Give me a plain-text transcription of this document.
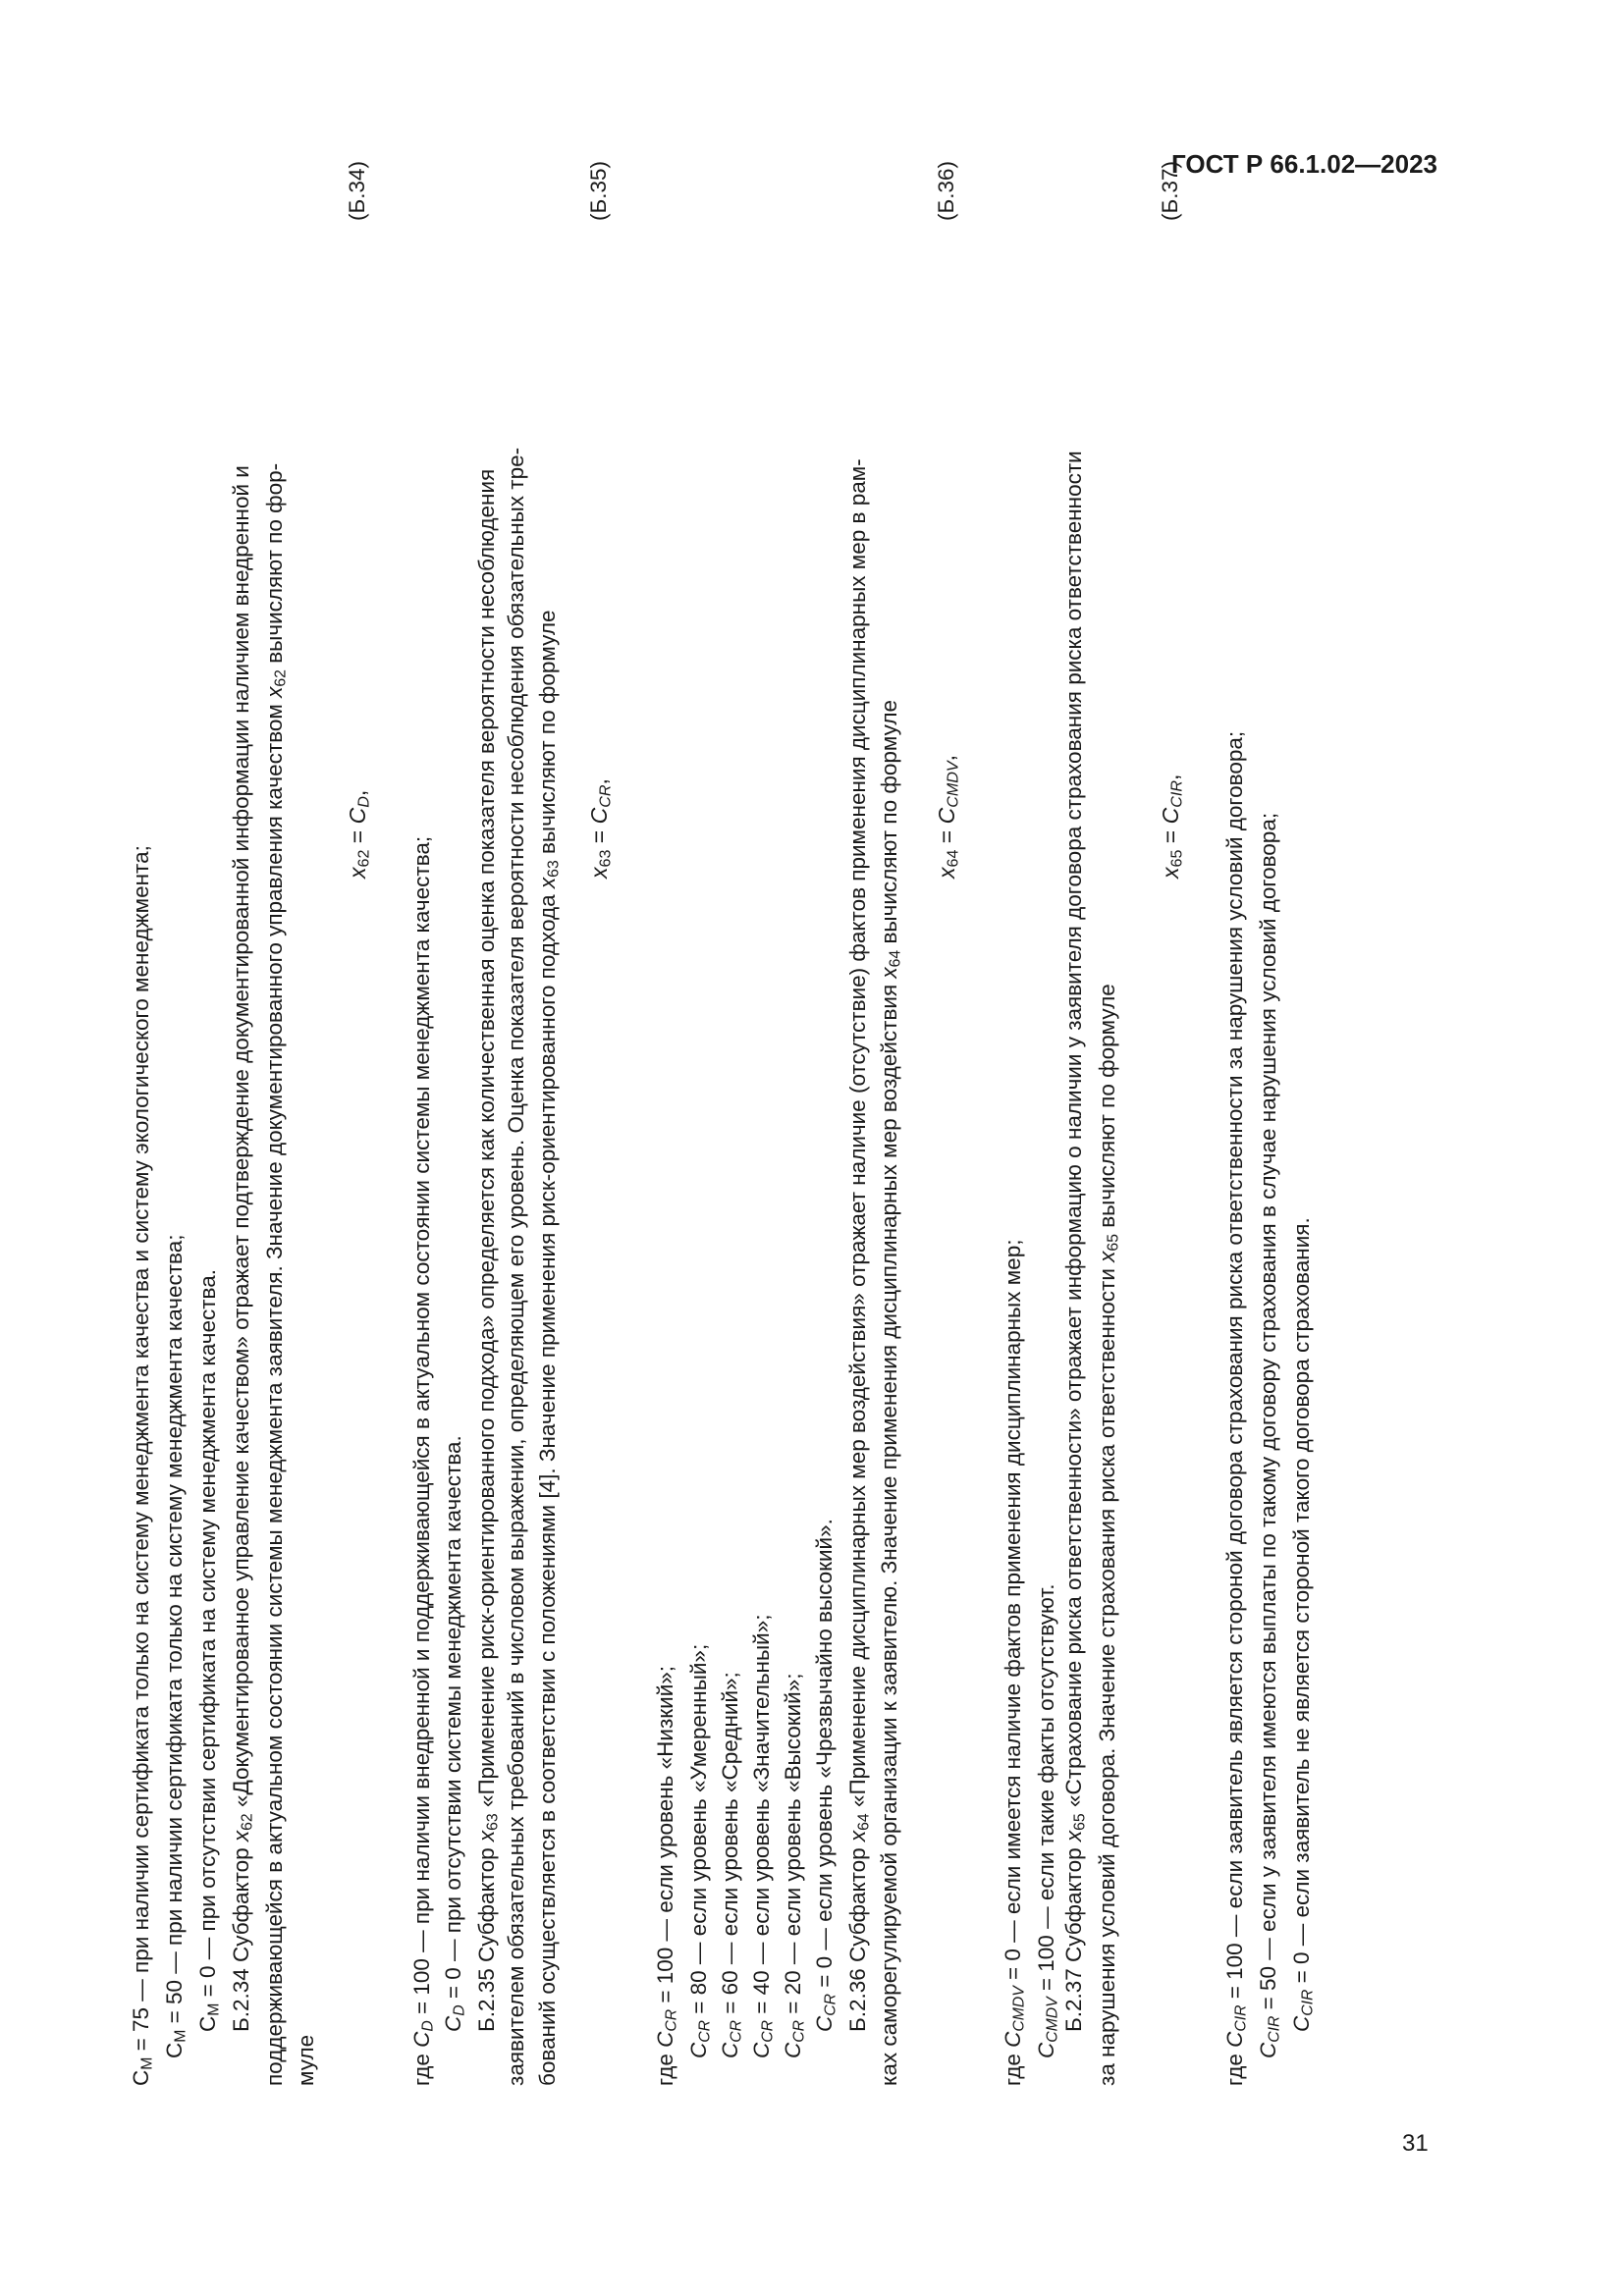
ГОСТ Р 66.1.02—2023
$C_M = 75$ — при наличии сертификата только на систему менеджмента качества и систему экологического менеджмента; $C_M = 50$ — при наличии сертификата только на систему менеджмента качества;
$C_M = 0$ — при отсутствии сертификата на систему менеджмента качества. Б.2.34 Субфактор $x_{62}$ «Документированное управление качеством» отражает подтверждение документированной информации наличием внедренной и поддерживающейся в актуальном состоянии системы менеджмента заявителя. Значение документированного управления качеством $x_{62}$ вычисляют по фор-
муле
$x_{62} = C_D$,
(Б.34)
где $C_D = 100$ — при наличии внедренной и поддерживающейся в актуальном состоянии системы менеджмента качества;
$C_D = 0$ — при отсутствии системы менеджмента качества. Б.2.35 Субфактор $x_{63}$ «Применение риск-ориентированного подхода» определяется как количественная оценка показателя вероятности несоблюдения заявителем обязательных требований в числовом выражении, определяющем его уровень. Оценка показателя вероятности несоблюдения обязательных тре- бований осуществляется в соответствии с положениями [4]. Значение применения риск-ориентированного подхода $x_{63}$ вычисляют по формуле
$x_{63} = C_{CR}$,
(Б.35)
где $C_{CR} = 100$ — если уровень «Низкий»;
$C_{CR} = 80$ — если уровень «Умеренный»;
$C_{CR} = 60$ — если уровень «Средний»;
$C_{CR} = 40$ — если уровень «Значительный»;
$C_{CR} = 20$ — если уровень «Высокий»;
$C_{CR} = 0$ — если уровень «Чрезвычайно высокий». Б.2.36 Субфактор $x_{64}$ «Применение дисциплинарных мер воздействия» отражает наличие (отсутствие) фактов применения дисциплинарных мер в рам- ках саморегулируемой организации к заявителю. Значение применения дисциплинарных мер воздействия $x_{64}$ вычисляют по формуле $x_{64} = C_{CMDV}$,
(Б.36)
где $C_{CMDV} = 0$ — если имеется наличие фактов применения дисциплинарных мер;
$C_{CMDV} = 100$ — если такие факты отсутствуют. Б.2.37 Субфактор $x_{65}$ «Страхование риска ответственности» отражает информацию о наличии у заявителя договора страхования риска ответственности за нарушения условий договора. Значение страхования риска ответственности $x_{65}$ вычисляют по формуле
$x_{65} = C_{CIR}$,
(Б.37)
где $C_{CIR} = 100$ — если заявитель является стороной договора страхования риска ответственности за нарушения условий договора;
$C_{CIR} = 50$ — если у заявителя имеются выплаты по такому договору страхования в случае нарушения условий договора;
$C_{CIR} = 0$ — если заявитель не является стороной такого договора страхования.
31
